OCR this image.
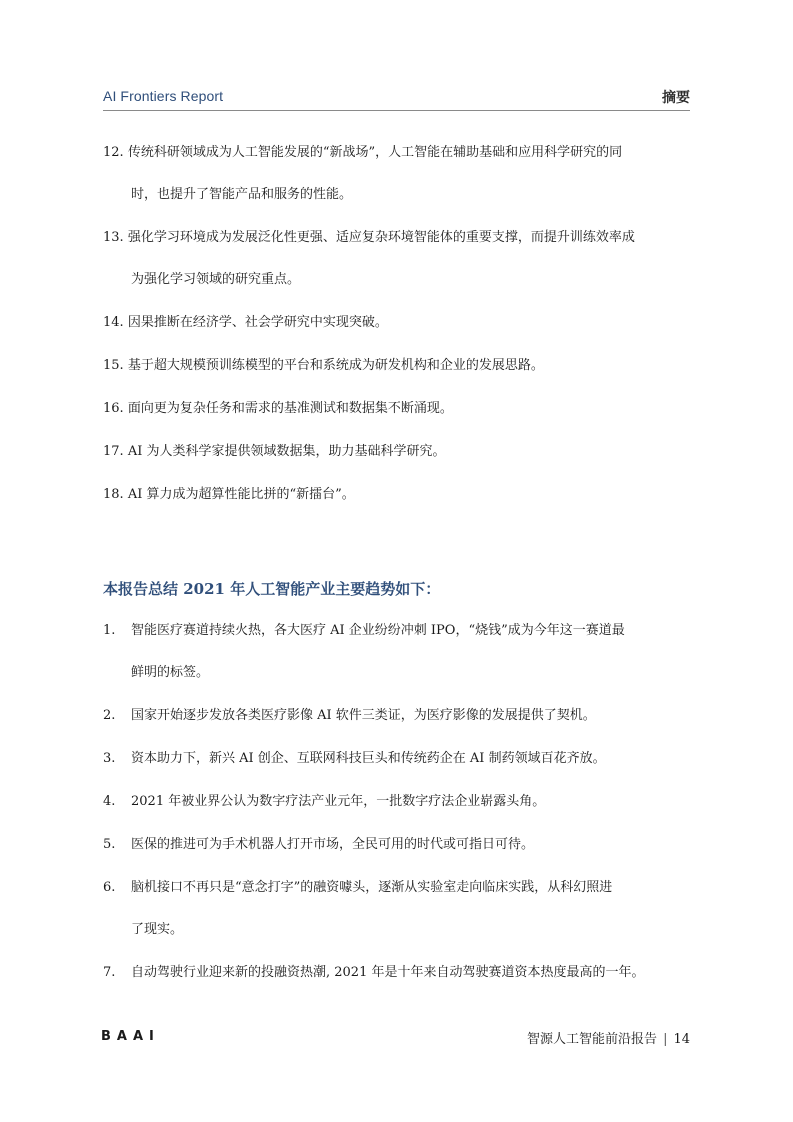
AI Frontiers Report	摘要
12. 传统科研领域成为人工智能发展的“新战场”，人工智能在辅助基础和应用科学研究的同
时，也提升了智能产品和服务的性能。
13. 强化学习环境成为发展泛化性更强、适应复杂环境智能体的重要支撑，而提升训练效率成
为强化学习领域的研究重点。
14. 因果推断在经济学、社会学研究中实现突破。
15. 基于超大规模预训练模型的平台和系统成为研发机构和企业的发展思路。
16. 面向更为复杂任务和需求的基准测试和数据集不断涌现。
17. AI 为人类科学家提供领域数据集，助力基础科学研究。
18. AI 算力成为超算性能比拼的“新擂台”。
本报告总结 2021 年人工智能产业主要趋势如下：
1. 智能医疗赛道持续火热，各大医疗 AI 企业纷纷冲刺 IPO，“烧钱”成为今年这一赛道最
鲜明的标签。
2. 国家开始逐步发放各类医疗影像 AI 软件三类证，为医疗影像的发展提供了契机。
3. 资本助力下，新兴 AI 创企、互联网科技巨头和传统药企在 AI 制药领域百花齐放。
4. 2021 年被业界公认为数字疗法产业元年，一批数字疗法企业崭露头角。
5. 医保的推进可为手术机器人打开市场，全民可用的时代或可指日可待。
6. 脑机接口不再只是“意念打字”的融资噱头，逐渐从实验室走向临床实践，从科幻照进
了现实。
7. 自动驾驶行业迎来新的投融资热潮, 2021 年是十年来自动驾驶赛道资本热度最高的一年。
B A A I	智源人工智能前沿报告 | 14
